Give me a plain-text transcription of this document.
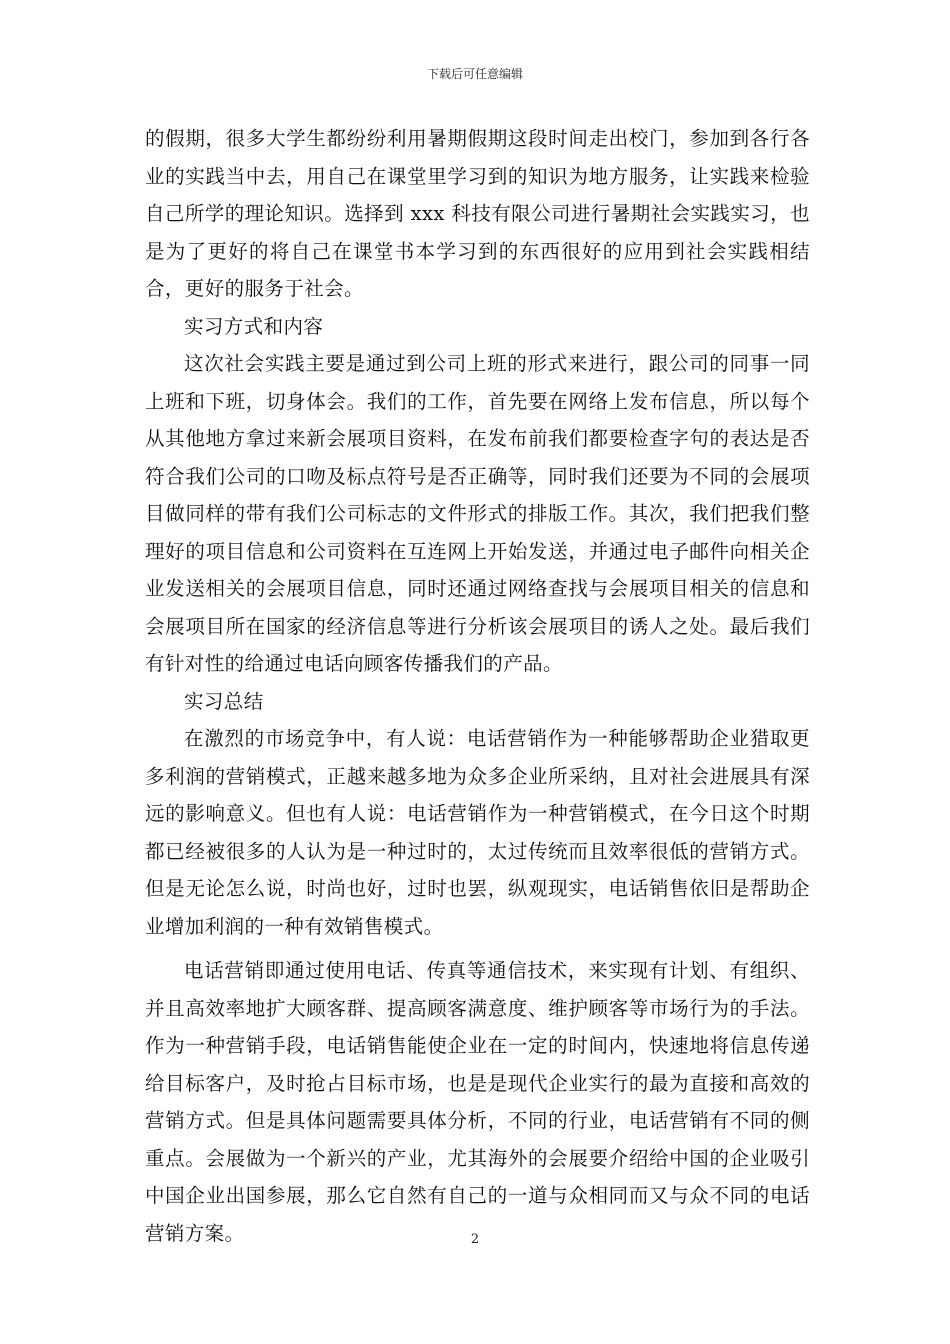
下载后可任意编辑

的假期，很多大学生都纷纷利用暑期假期这段时间走出校门，参加到各行各业的实践当中去，用自己在课堂里学习到的知识为地方服务，让实践来检验自己所学的理论知识。选择到 xxx 科技有限公司进行暑期社会实践实习，也是为了更好的将自己在课堂书本学习到的东西很好的应用到社会实践相结合，更好的服务于社会。

实习方式和内容

这次社会实践主要是通过到公司上班的形式来进行，跟公司的同事一同上班和下班，切身体会。我们的工作，首先要在网络上发布信息，所以每个从其他地方拿过来新会展项目资料，在发布前我们都要检查字句的表达是否符合我们公司的口吻及标点符号是否正确等，同时我们还要为不同的会展项目做同样的带有我们公司标志的文件形式的排版工作。其次，我们把我们整理好的项目信息和公司资料在互连网上开始发送，并通过电子邮件向相关企业发送相关的会展项目信息，同时还通过网络查找与会展项目相关的信息和会展项目所在国家的经济信息等进行分析该会展项目的诱人之处。最后我们有针对性的给通过电话向顾客传播我们的产品。

实习总结

在激烈的市场竞争中，有人说：电话营销作为一种能够帮助企业猎取更多利润的营销模式，正越来越多地为众多企业所采纳，且对社会进展具有深远的影响意义。但也有人说：电话营销作为一种营销模式，在今日这个时期都已经被很多的人认为是一种过时的，太过传统而且效率很低的营销方式。但是无论怎么说，时尚也好，过时也罢，纵观现实，电话销售依旧是帮助企业增加利润的一种有效销售模式。

电话营销即通过使用电话、传真等通信技术，来实现有计划、有组织、并且高效率地扩大顾客群、提高顾客满意度、维护顾客等市场行为的手法。作为一种营销手段，电话销售能使企业在一定的时间内，快速地将信息传递给目标客户，及时抢占目标市场，也是是现代企业实行的最为直接和高效的营销方式。但是具体问题需要具体分析，不同的行业，电话营销有不同的侧重点。会展做为一个新兴的产业，尤其海外的会展要介绍给中国的企业吸引中国企业出国参展，那么它自然有自己的一道与众相同而又与众不同的电话营销方案。	2
